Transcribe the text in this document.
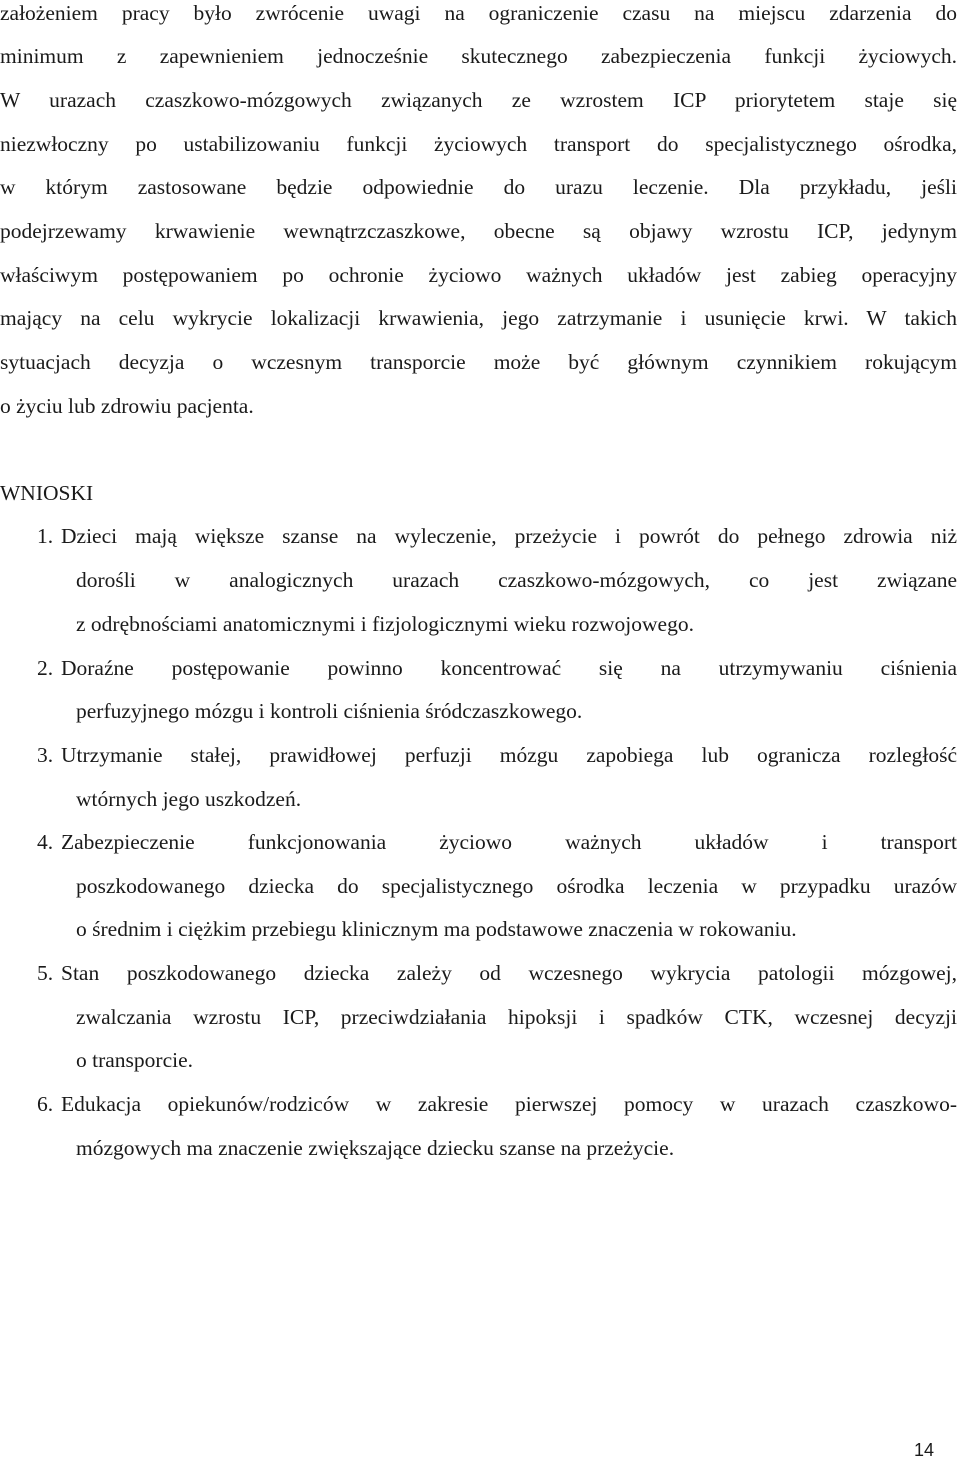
założeniem pracy było zwrócenie uwagi na ograniczenie czasu na miejscu zdarzenia do
minimum z zapewnieniem jednocześnie skutecznego zabezpieczenia funkcji życiowych.
W urazach czaszkowo-mózgowych związanych ze wzrostem ICP priorytetem staje się
niezwłoczny po ustabilizowaniu funkcji życiowych transport do specjalistycznego ośrodka,
w którym zastosowane będzie odpowiednie do urazu leczenie. Dla przykładu, jeśli
podejrzewamy krwawienie wewnątrzczaszkowe, obecne są objawy wzrostu ICP, jedynym
właściwym postępowaniem po ochronie życiowo ważnych układów jest zabieg operacyjny
mający na celu wykrycie lokalizacji krwawienia, jego zatrzymanie i usunięcie krwi. W takich
sytuacjach decyzja o wczesnym transporcie może być głównym czynnikiem rokującym
o życiu lub zdrowiu pacjenta.
WNIOSKI
1. Dzieci mają większe szanse na wyleczenie, przeżycie i powrót do pełnego zdrowia niż
dorośli w analogicznych urazach czaszkowo-mózgowych, co jest związane
z odrębnościami anatomicznymi i fizjologicznymi wieku rozwojowego.
2. Doraźne postępowanie powinno koncentrować się na utrzymywaniu ciśnienia
perfuzyjnego mózgu i kontroli ciśnienia śródczaszkowego.
3. Utrzymanie stałej, prawidłowej perfuzji mózgu zapobiega lub ogranicza rozległość
wtórnych jego uszkodzeń.
4. Zabezpieczenie funkcjonowania życiowo ważnych układów i transport
poszkodowanego dziecka do specjalistycznego ośrodka leczenia w przypadku urazów
o średnim i ciężkim przebiegu klinicznym ma podstawowe znaczenia w rokowaniu.
5. Stan poszkodowanego dziecka zależy od wczesnego wykrycia patologii mózgowej,
zwalczania wzrostu ICP, przeciwdziałania hipoksji i spadków CTK, wczesnej decyzji
o transporcie.
6. Edukacja opiekunów/rodziców w zakresie pierwszej pomocy w urazach czaszkowo-
mózgowych ma znaczenie zwiększające dziecku szanse na przeżycie.
14
